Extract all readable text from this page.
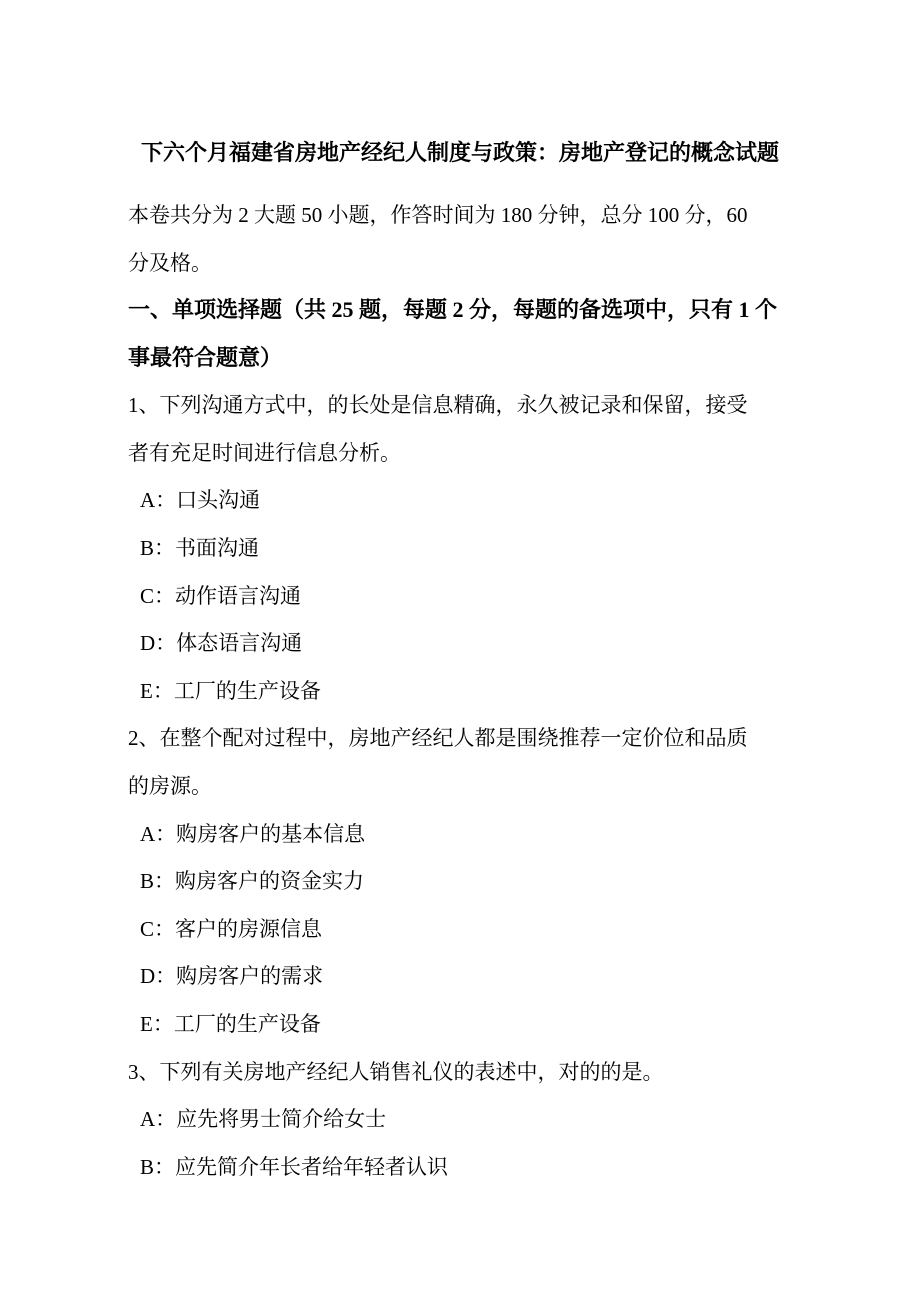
下六个月福建省房地产经纪人制度与政策：房地产登记的概念试题
本卷共分为 2 大题 50 小题，作答时间为 180 分钟，总分 100 分，60
分及格。
一、单项选择题（共 25 题，每题 2 分，每题的备选项中，只有 1 个
事最符合题意）
1、下列沟通方式中，的长处是信息精确，永久被记录和保留，接受
者有充足时间进行信息分析。
A：口头沟通
B：书面沟通
C：动作语言沟通
D：体态语言沟通
E：工厂的生产设备
2、在整个配对过程中，房地产经纪人都是围绕推荐一定价位和品质
的房源。
A：购房客户的基本信息
B：购房客户的资金实力
C：客户的房源信息
D：购房客户的需求
E：工厂的生产设备
3、下列有关房地产经纪人销售礼仪的表述中，对的的是。
A：应先将男士简介给女士
B：应先简介年长者给年轻者认识
